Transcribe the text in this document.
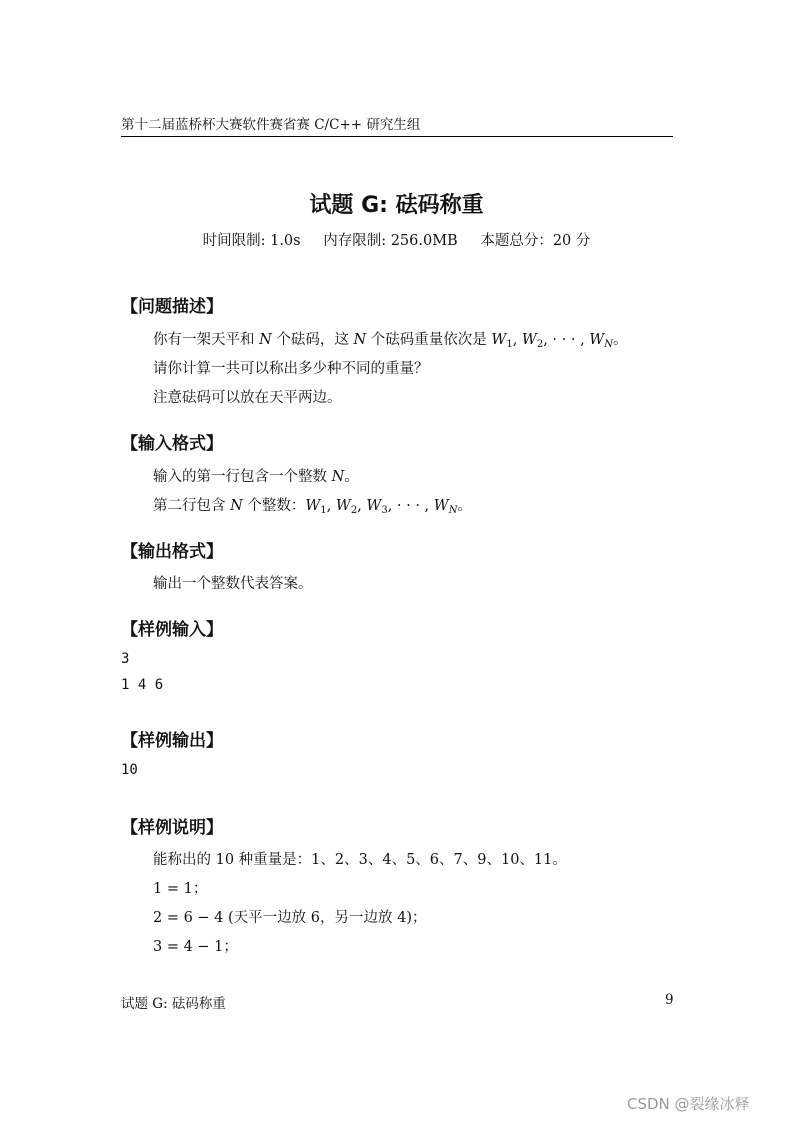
第十二届蓝桥杯大赛软件赛省赛 C/C++ 研究生组
试题 G: 砝码称重
时间限制: 1.0s 内存限制: 256.0MB 本题总分：20 分
【问题描述】
你有一架天平和 N 个砝码，这 N 个砝码重量依次是 $W_1$, $W_2$, · · · , $W_N$。
请你计算一共可以称出多少种不同的重量？
注意砝码可以放在天平两边。
【输入格式】
输入的第一行包含一个整数 N。
第二行包含 N 个整数：$W_1$, $W_2$, $W_3$, · · · , $W_N$。
【输出格式】
输出一个整数代表答案。
【样例输入】
3
1 4 6
【样例输出】
10
【样例说明】
能称出的 10 种重量是：1、2、3、4、5、6、7、9、10、11。
1 = 1；
2 = 6 − 4 (天平一边放 6，另一边放 4)；
3 = 4 − 1；
试题 G: 砝码称重	9
CSDN @裂缘冰释
